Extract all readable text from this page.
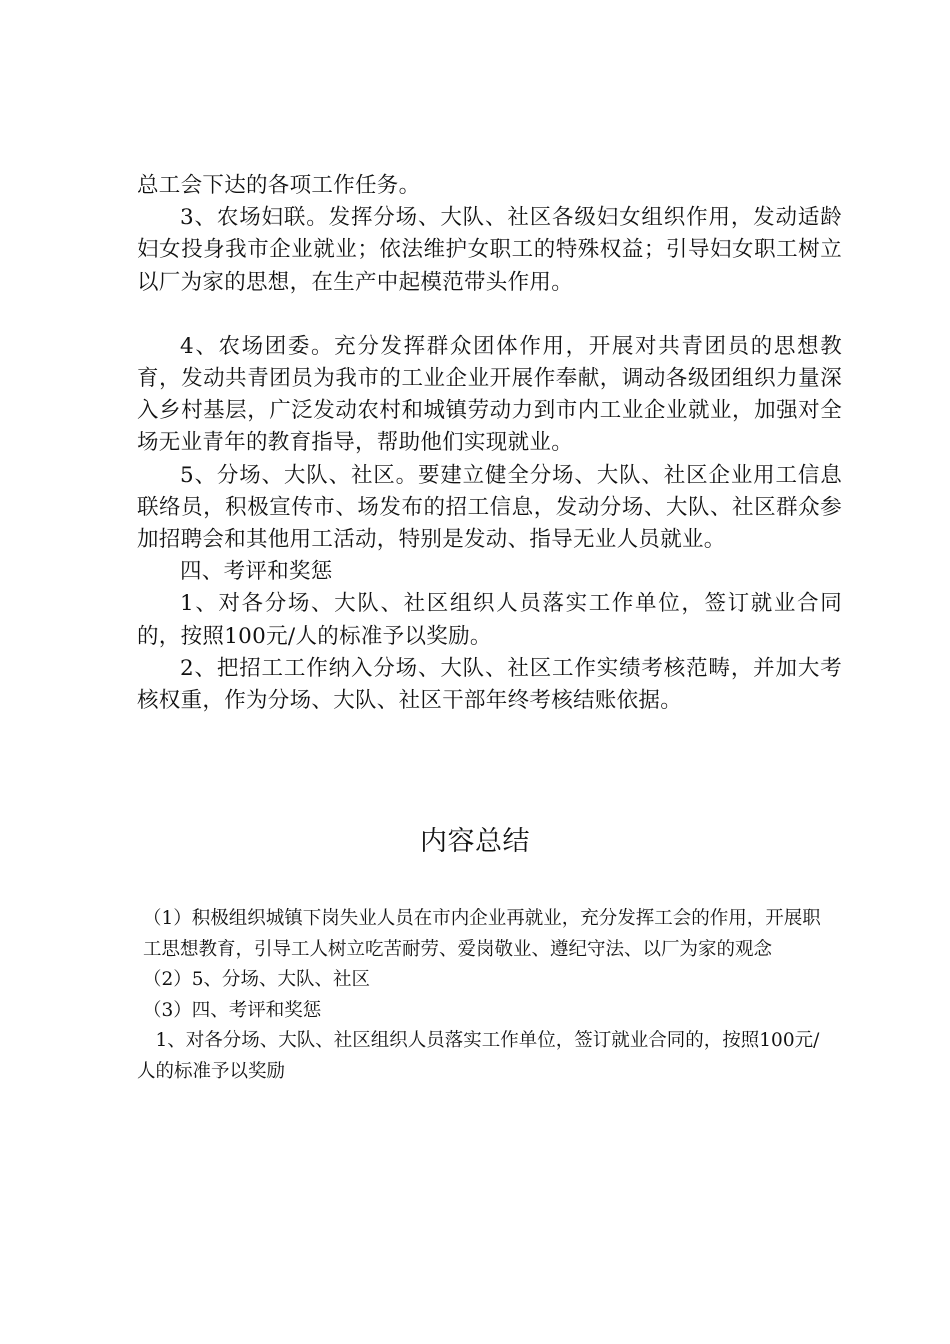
总工会下达的各项工作任务。

3、农场妇联。发挥分场、大队、社区各级妇女组织作用，发动适龄妇女投身我市企业就业；依法维护女职工的特殊权益；引导妇女职工树立以厂为家的思想，在生产中起模范带头作用。

4、农场团委。充分发挥群众团体作用，开展对共青团员的思想教育，发动共青团员为我市的工业企业开展作奉献，调动各级团组织力量深入乡村基层，广泛发动农村和城镇劳动力到市内工业企业就业，加强对全场无业青年的教育指导，帮助他们实现就业。

5、分场、大队、社区。要建立健全分场、大队、社区企业用工信息联络员，积极宣传市、场发布的招工信息，发动分场、大队、社区群众参加招聘会和其他用工活动，特别是发动、指导无业人员就业。

四、考评和奖惩

1、对各分场、大队、社区组织人员落实工作单位，签订就业合同的，按照100元/人的标准予以奖励。

2、把招工工作纳入分场、大队、社区工作实绩考核范畴，并加大考核权重，作为分场、大队、社区干部年终考核结账依据。

内容总结

（1）积极组织城镇下岗失业人员在市内企业再就业，充分发挥工会的作用，开展职工思想教育，引导工人树立吃苦耐劳、爱岗敬业、遵纪守法、以厂为家的观念

（2）5、分场、大队、社区

（3）四、考评和奖惩

1、对各分场、大队、社区组织人员落实工作单位，签订就业合同的，按照100元/人的标准予以奖励
